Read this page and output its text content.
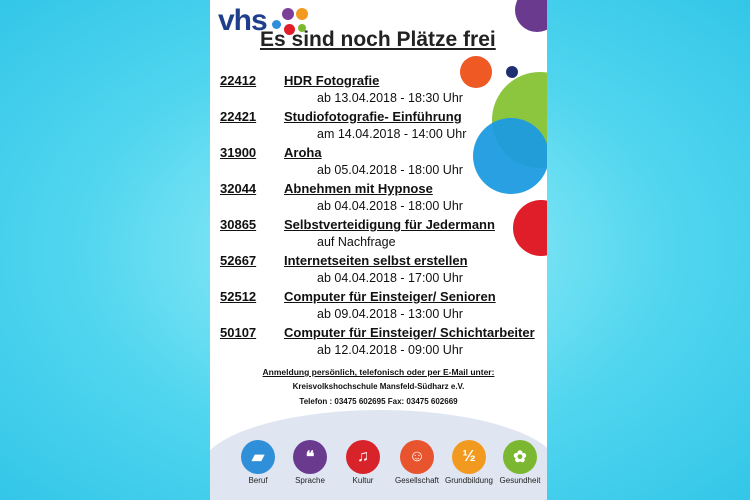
vhs
Es sind noch Plätze frei
22412 HDR Fotografie
ab 13.04.2018 - 18:30 Uhr
22421 Studiofotografie- Einführung
am 14.04.2018 - 14:00 Uhr
31900 Aroha
ab 05.04.2018 - 18:00 Uhr
32044 Abnehmen mit Hypnose
ab 04.04.2018 - 18:00 Uhr
30865 Selbstverteidigung für Jedermann
auf Nachfrage
52667 Internetseiten selbst erstellen
ab 04.04.2018 - 17:00 Uhr
52512 Computer für Einsteiger/ Senioren
ab 09.04.2018 - 13:00 Uhr
50107 Computer für Einsteiger/ Schichtarbeiter
ab 12.04.2018 - 09:00 Uhr
Anmeldung persönlich, telefonisch oder per E-Mail unter:
Kreisvolkshochschule Mansfeld-Südharz e.V.
Telefon : 03475 602695 Fax: 03475 602669
▰
Beruf
❝
Sprache
♫
Kultur
☺
Gesellschaft
½
Grundbildung
✿
Gesundheit
